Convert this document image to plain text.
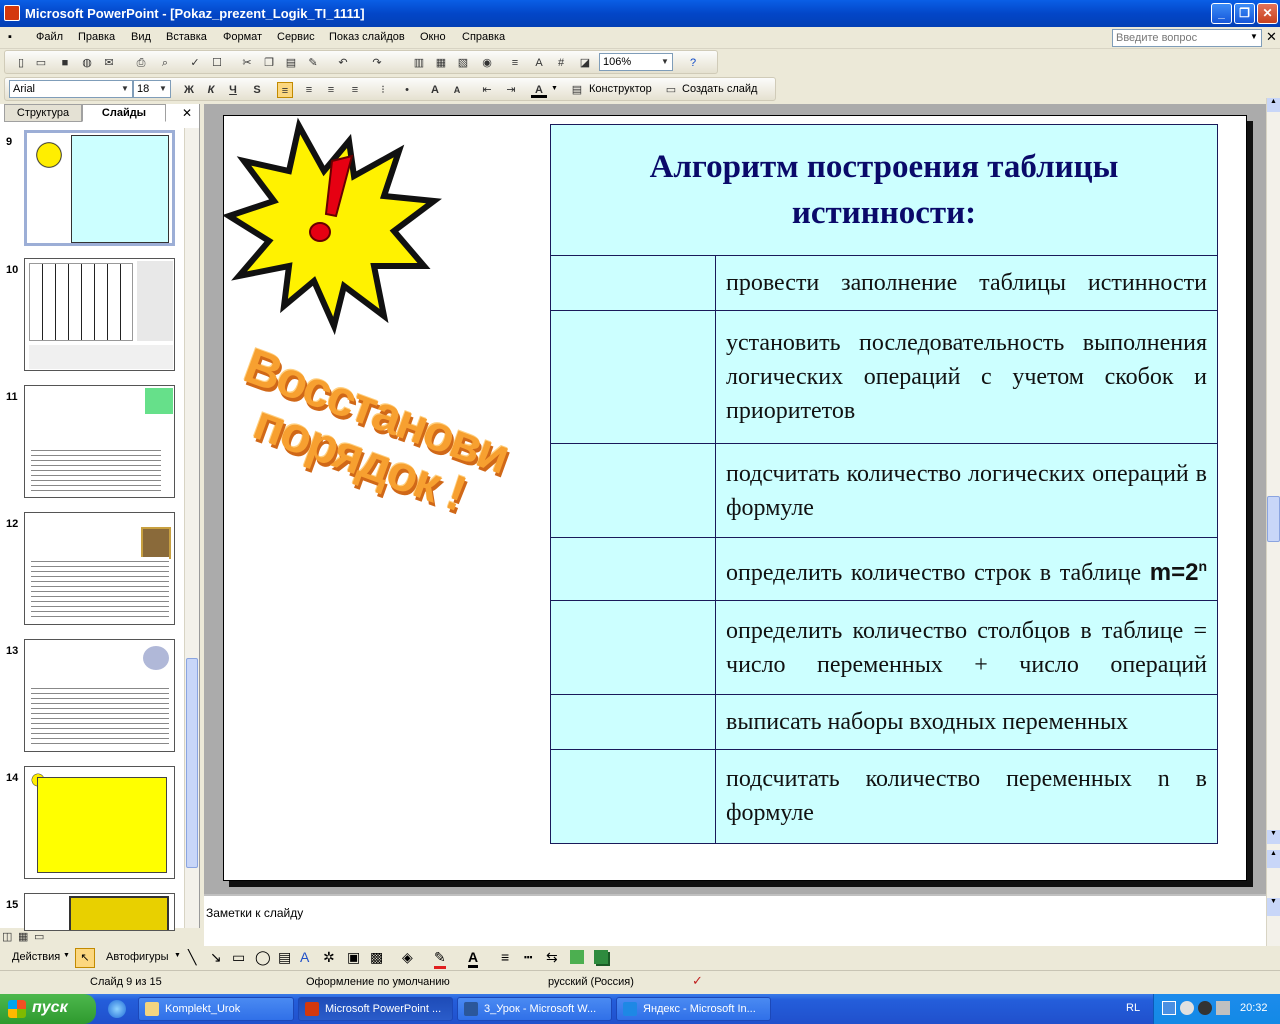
Microsoft PowerPoint - [Pokaz_prezent_Logik_TI_1111]	_	❐	✕
▪ Файл Правка Вид Вставка Формат Сервис Показ слайдов Окно Справка	Введите вопрос	▼ ✕
▯	▭	■	◍	✉	⎙	⌕	✓	☐	✂	❐ ▤	✎	↶	↷	▥ ▦ ▧ ◉	≡	A	#	◪	106%	▼	?
Arial	▼ 18 ▼ Ж	К	Ч	S	≡	≡	≡	≡	⁝	•	A	A	⇤	⇥	A	▼ ▤ Конструктор ▭ Создать слайд
Структура	Слайды	✕
9
10
11
12
13
14
15
Восстанови порядок !
Алгоритм построения таблицы истинности:	
	провести заполнение таблицы истинности
	установить последовательность выполнения логических операций с учетом скобок и приоритетов
	подсчитать количество логических операций в формуле
	определить количество строк в таблице $m=2^n$
	определить количество столбцов в таблице = число переменных + число операций
	выписать наборы входных переменных
	подсчитать количество переменных n в формуле
▲
▼
▲
▼
Заметки к слайду
◫ ▦ ▭
Действия ▼ ↖	Автофигуры ▼ ╲ ↘ ▭ ◯ ▤ A ✲ ▣ ▩ ◈ ✎ A ≡ ┅ ⇆
Слайд 9 из 15	Оформление по умолчанию	русский (Россия)	✓
пуск	Komplekt_Urok	Microsoft PowerPoint ...	3_Урок - Microsoft W...	Яндекс - Microsoft In...	RL	20:32
